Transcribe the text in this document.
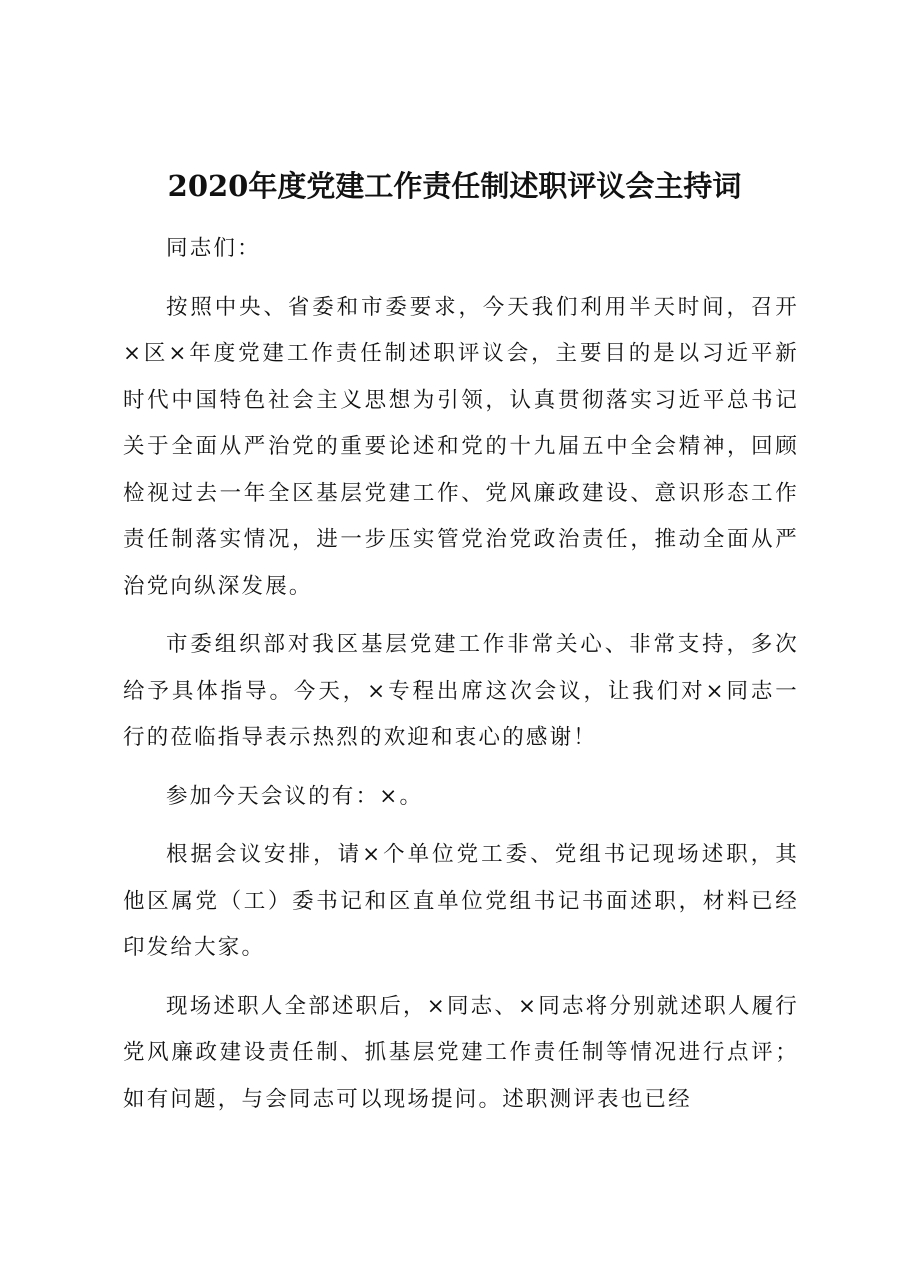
2020年度党建工作责任制述职评议会主持词

同志们：

按照中央、省委和市委要求，今天我们利用半天时间，召开×区×年度党建工作责任制述职评议会，主要目的是以习近平新时代中国特色社会主义思想为引领，认真贯彻落实习近平总书记关于全面从严治党的重要论述和党的十九届五中全会精神，回顾检视过去一年全区基层党建工作、党风廉政建设、意识形态工作责任制落实情况，进一步压实管党治党政治责任，推动全面从严治党向纵深发展。

市委组织部对我区基层党建工作非常关心、非常支持，多次给予具体指导。今天，×专程出席这次会议，让我们对×同志一行的莅临指导表示热烈的欢迎和衷心的感谢！

参加今天会议的有：×。

根据会议安排，请×个单位党工委、党组书记现场述职，其他区属党（工）委书记和区直单位党组书记书面述职，材料已经印发给大家。

现场述职人全部述职后，×同志、×同志将分别就述职人履行党风廉政建设责任制、抓基层党建工作责任制等情况进行点评；如有问题，与会同志可以现场提问。述职测评表也已经
